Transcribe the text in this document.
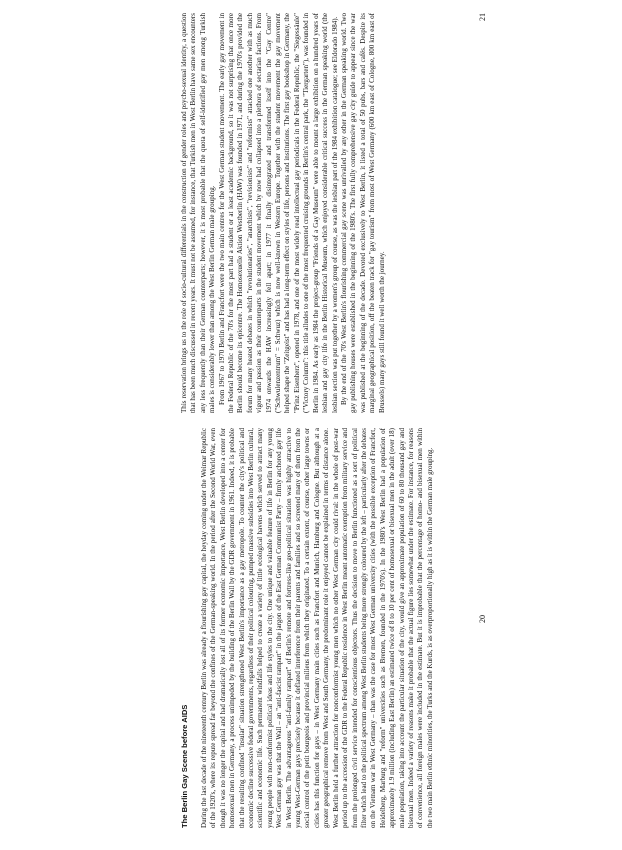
This reservation brings us to the role of socio-cultural differentials in the construction of gender roles and psycho-sexual identity, a question that has been much discussed in recent years. It must not be assumed, for instance, that Turkish men in West Berlin have same sex encounters any less frequently than their German counterparts; however, it is most probable that the quota of self-identified gay men among Turkish males is considerably lower than among the West Berlin German male grouping. From 1967 to 1970 Berlin and Francfort were the two main centres for the West German student movement. The early gay movement in the Federal Republic of the 70's for the most part had a student or at least academic background, so it was not surprising that once more Berlin should become its epicentre. The Homosexuelle Aktion Westberlin (HAW) was founded in 1971, and during the 1970's provided the forum for many heated debates in which "revolutionaries", "anarchists", "revisionists" and "reformists" attacked one another with as much vigour and passion as their counterparts in the student movement which by now had collapsed into a plethora of sectarian factions. From 1974 onwards the HAW increasingly fell apart; in 1977 it finally disintegrated and transformed itself into the "Gay Centre" ("Schwulenzentrum" = Schwuz) which is now well-known in Western Europe. Together with the student movement the gay movement helped shape the "Zeitgeist" and has had a long-term effect on styles of life, persons and institutions. The first gay bookshop in Germany, the "Prinz Eisenherz", opened in 1978, and one of the most widely read intellectual gay periodicals in the Federal Republic, the "Siegessäule" ("Victory Column": this title alludes to one of the most frequented cruising grounds in Berlin's central park, the "Tiergarten"), was founded in Berlin in 1984. As early as 1984 the project-group "Friends of a Gay Museum" were able to mount a large exhibition on a hundred years of lesbian and gay city life in the Berlin Historical Museum, which enjoyed considerable critical success in the German speaking world (the lesbian section was put together by a women's group of course, as was the lesbian part of the 1984 exhibition catalogue; see Eldorado 1984). By the end of the 70's West Berlin's flourishing commercial gay scene was unrivalled by any other in the German speaking world. Two gay publishing houses were established in the beginning of the 1980's. The first fully comprehensive gay city guide to appear since the war was published at the beginning of the decade. Devoted exclusively to West Berlin, it listed a total of 50 pubs, bars and cafés. Despite its marginal geographical position, off the beaten track for "gay tourism" from most of West Germany (600 km east of Cologne, 800 km east of Brussels) many gays still found it well worth the journey.

21
The Berlin Gay Scene before AIDS During the last decade of the nineteenth century Berlin was already a flourishing gay capital, the heyday coming under the Weimar Republic of the 1920's, where its repute spread far beyond the confines of the German-speaking world. In the period after the Second World War, even though it was no longer the capital and had dramatically lost all of its former economic importance, West Berlin developed into a center for homosexual men in Germany, a process unimpeded by the building of the Berlin Wall by the GDR government in 1961. Indeed, it is probable that the resulting confined "insular" situation strengthened West Berlin's importance as a gay metropole. To counter the city's political and economic decline successive federal governments, regardless of their political colouring, pumped massive subsidies into West Berlin cultural, scientific and economic life. Such permanent windfalls helped to create a variety of little ecological havens which served to attract many young people with non-conformist political ideas and life styles to the city. One unique and valuable feature of life in Berlin for any young West German gay was that the Wall – an "anti-fascist rampart" in the jargon of the East German Communist Party – firmly anchored gay life in West Berlin. The advantageous "anti-family rampart" of Berlin's remote and fortress-like geo-political situation was highly attractive to young West-German gays precisely because it deflated interference from their parents and families and so screened many of them from the social control of the petit bourgeois and provincial milieus from which they originated. To a certain extent, of course, other large towns or cities has this function for gays – in West Germany main cities such as Francfort and Munich, Hamburg and Cologne. But although at a greater geographical remove from West and South Germany, the predominant role it enjoyed cannot be explained in terms of distance alone. West Berlin held a further attraction for nonconformist young men which no other West German city could rival: in the whole of post-war period up to the accession of the GDR to the Federal Republic residence in West Berlin meant automatic exemption from military service and from the prolonged civil service intended for conscientious objectors. Thus the decision to move to Berlin functioned as a sort of political filter which lead to the political spectrum among West Berlin students being more strongly coloured by the left – particularly after the debates on the Vietnam war in West Germany – than was the case for most West German university cities (with the possible exception of Francfort, Heidelberg, Marburg and "reform" universities such as Bremen, founded in the 1970's). In the 1980's West Berlin had a population of approximately 1.9 million (including East Berlin) an estimated twice of 8 to 10 per cent of homosexual or bisexual men in the adult (over 18) male population, taking into account the particular situation of the city, would give an approximate population of 60 to 80 thousand gay and bisexual men. Indeed a variety of reasons make it probable that the actual figure lies somewhat under the estimate. For instance, for reasons of convenience, all foreign males were included in the estimate. But it is improbable that the percentage of homo- and bisexual men within the two main Berlin ethnic minorities, the Turks and the Kurds, is as overproportionally high as it is within the German male grouping.	20
